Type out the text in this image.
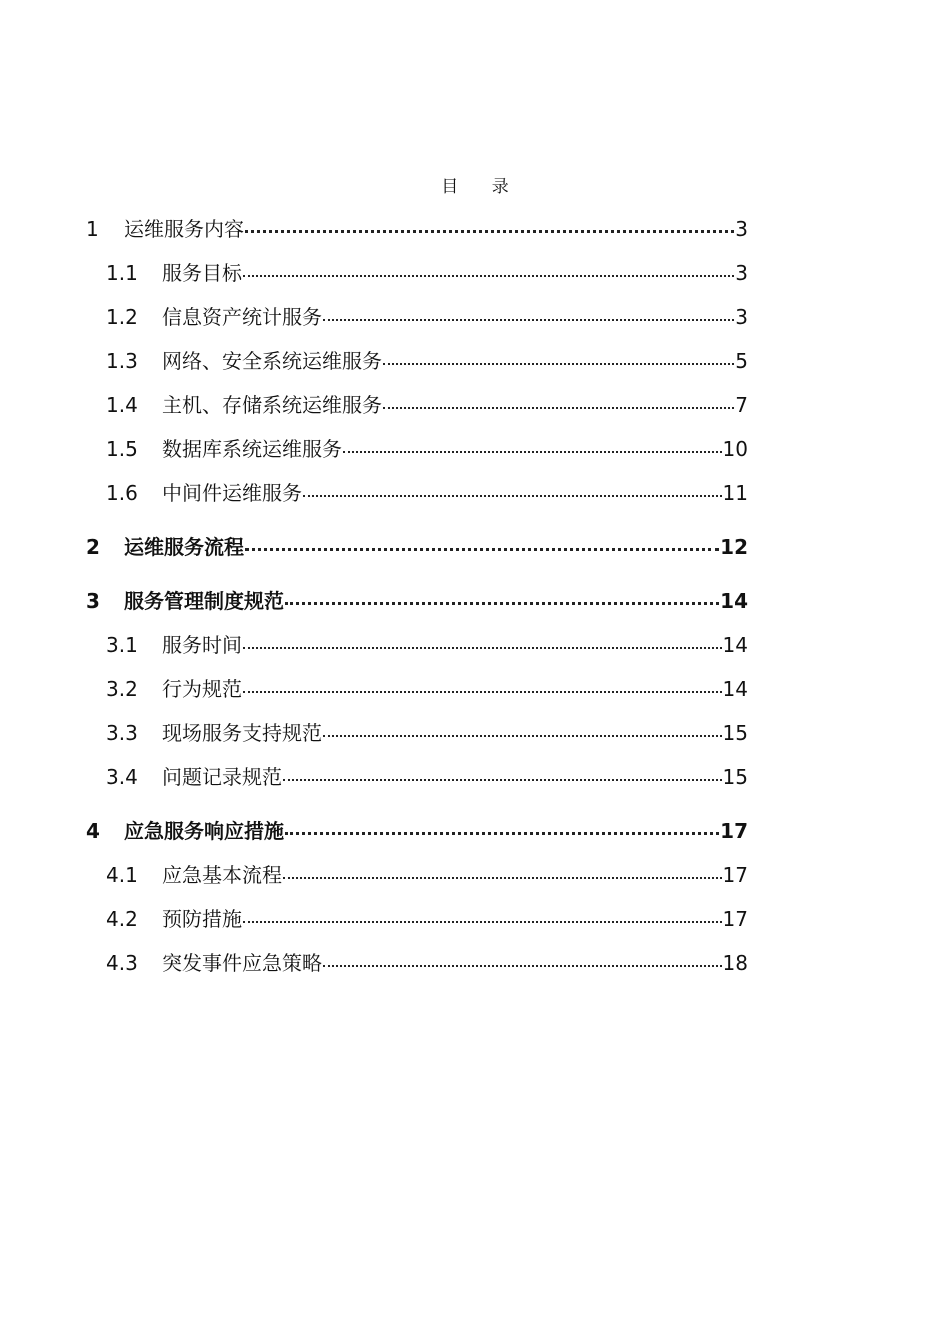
目 录
1	运维服务内容	3
1.1	服务目标	3
1.2	信息资产统计服务	3
1.3	网络、安全系统运维服务	5
1.4	主机、存储系统运维服务	7
1.5	数据库系统运维服务	10
1.6	中间件运维服务	11
2	运维服务流程	12
3	服务管理制度规范	14
3.1	服务时间	14
3.2	行为规范	14
3.3	现场服务支持规范	15
3.4	问题记录规范	15
4	应急服务响应措施	17
4.1	应急基本流程	17
4.2	预防措施	17
4.3	突发事件应急策略	18
